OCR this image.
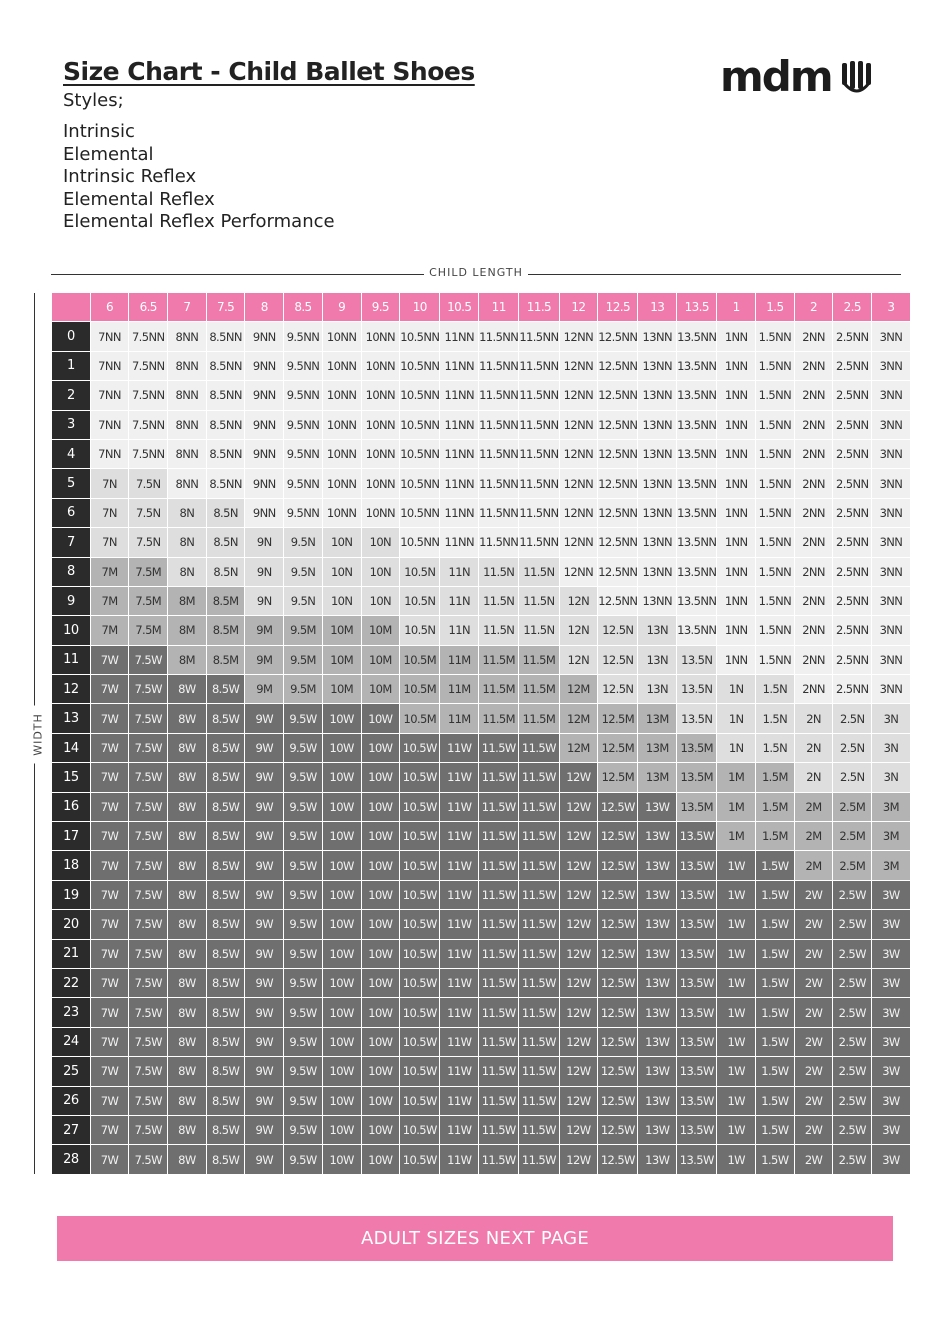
Size Chart - Child Ballet Shoes
Styles;
Intrinsic
Elemental
Intrinsic Reflex
Elemental Reflex
Elemental Reflex Performance
mdm
CHILD LENGTH
WIDTH
	6	6.5	7	7.5	8	8.5	9	9.5	10	10.5	11	11.5	12	12.5	13	13.5	1	1.5	2	2.5	3
0	7NN	7.5NN	8NN	8.5NN	9NN	9.5NN	10NN	10NN	10.5NN	11NN	11.5NN	11.5NN	12NN	12.5NN	13NN	13.5NN	1NN	1.5NN	2NN	2.5NN	3NN
1	7NN	7.5NN	8NN	8.5NN	9NN	9.5NN	10NN	10NN	10.5NN	11NN	11.5NN	11.5NN	12NN	12.5NN	13NN	13.5NN	1NN	1.5NN	2NN	2.5NN	3NN
2	7NN	7.5NN	8NN	8.5NN	9NN	9.5NN	10NN	10NN	10.5NN	11NN	11.5NN	11.5NN	12NN	12.5NN	13NN	13.5NN	1NN	1.5NN	2NN	2.5NN	3NN
3	7NN	7.5NN	8NN	8.5NN	9NN	9.5NN	10NN	10NN	10.5NN	11NN	11.5NN	11.5NN	12NN	12.5NN	13NN	13.5NN	1NN	1.5NN	2NN	2.5NN	3NN
4	7NN	7.5NN	8NN	8.5NN	9NN	9.5NN	10NN	10NN	10.5NN	11NN	11.5NN	11.5NN	12NN	12.5NN	13NN	13.5NN	1NN	1.5NN	2NN	2.5NN	3NN
5	7N	7.5N	8NN	8.5NN	9NN	9.5NN	10NN	10NN	10.5NN	11NN	11.5NN	11.5NN	12NN	12.5NN	13NN	13.5NN	1NN	1.5NN	2NN	2.5NN	3NN
6	7N	7.5N	8N	8.5N	9NN	9.5NN	10NN	10NN	10.5NN	11NN	11.5NN	11.5NN	12NN	12.5NN	13NN	13.5NN	1NN	1.5NN	2NN	2.5NN	3NN
7	7N	7.5N	8N	8.5N	9N	9.5N	10N	10N	10.5NN	11NN	11.5NN	11.5NN	12NN	12.5NN	13NN	13.5NN	1NN	1.5NN	2NN	2.5NN	3NN
8	7M	7.5M	8N	8.5N	9N	9.5N	10N	10N	10.5N	11N	11.5N	11.5N	12NN	12.5NN	13NN	13.5NN	1NN	1.5NN	2NN	2.5NN	3NN
9	7M	7.5M	8M	8.5M	9N	9.5N	10N	10N	10.5N	11N	11.5N	11.5N	12N	12.5NN	13NN	13.5NN	1NN	1.5NN	2NN	2.5NN	3NN
10	7M	7.5M	8M	8.5M	9M	9.5M	10M	10M	10.5N	11N	11.5N	11.5N	12N	12.5N	13N	13.5NN	1NN	1.5NN	2NN	2.5NN	3NN
11	7W	7.5W	8M	8.5M	9M	9.5M	10M	10M	10.5M	11M	11.5M	11.5M	12N	12.5N	13N	13.5N	1NN	1.5NN	2NN	2.5NN	3NN
12	7W	7.5W	8W	8.5W	9M	9.5M	10M	10M	10.5M	11M	11.5M	11.5M	12M	12.5N	13N	13.5N	1N	1.5N	2NN	2.5NN	3NN
13	7W	7.5W	8W	8.5W	9W	9.5W	10W	10W	10.5M	11M	11.5M	11.5M	12M	12.5M	13M	13.5N	1N	1.5N	2N	2.5N	3N
14	7W	7.5W	8W	8.5W	9W	9.5W	10W	10W	10.5W	11W	11.5W	11.5W	12M	12.5M	13M	13.5M	1N	1.5N	2N	2.5N	3N
15	7W	7.5W	8W	8.5W	9W	9.5W	10W	10W	10.5W	11W	11.5W	11.5W	12W	12.5M	13M	13.5M	1M	1.5M	2N	2.5N	3N
16	7W	7.5W	8W	8.5W	9W	9.5W	10W	10W	10.5W	11W	11.5W	11.5W	12W	12.5W	13W	13.5M	1M	1.5M	2M	2.5M	3M
17	7W	7.5W	8W	8.5W	9W	9.5W	10W	10W	10.5W	11W	11.5W	11.5W	12W	12.5W	13W	13.5W	1M	1.5M	2M	2.5M	3M
18	7W	7.5W	8W	8.5W	9W	9.5W	10W	10W	10.5W	11W	11.5W	11.5W	12W	12.5W	13W	13.5W	1W	1.5W	2M	2.5M	3M
19	7W	7.5W	8W	8.5W	9W	9.5W	10W	10W	10.5W	11W	11.5W	11.5W	12W	12.5W	13W	13.5W	1W	1.5W	2W	2.5W	3W
20	7W	7.5W	8W	8.5W	9W	9.5W	10W	10W	10.5W	11W	11.5W	11.5W	12W	12.5W	13W	13.5W	1W	1.5W	2W	2.5W	3W
21	7W	7.5W	8W	8.5W	9W	9.5W	10W	10W	10.5W	11W	11.5W	11.5W	12W	12.5W	13W	13.5W	1W	1.5W	2W	2.5W	3W
22	7W	7.5W	8W	8.5W	9W	9.5W	10W	10W	10.5W	11W	11.5W	11.5W	12W	12.5W	13W	13.5W	1W	1.5W	2W	2.5W	3W
23	7W	7.5W	8W	8.5W	9W	9.5W	10W	10W	10.5W	11W	11.5W	11.5W	12W	12.5W	13W	13.5W	1W	1.5W	2W	2.5W	3W
24	7W	7.5W	8W	8.5W	9W	9.5W	10W	10W	10.5W	11W	11.5W	11.5W	12W	12.5W	13W	13.5W	1W	1.5W	2W	2.5W	3W
25	7W	7.5W	8W	8.5W	9W	9.5W	10W	10W	10.5W	11W	11.5W	11.5W	12W	12.5W	13W	13.5W	1W	1.5W	2W	2.5W	3W
26	7W	7.5W	8W	8.5W	9W	9.5W	10W	10W	10.5W	11W	11.5W	11.5W	12W	12.5W	13W	13.5W	1W	1.5W	2W	2.5W	3W
27	7W	7.5W	8W	8.5W	9W	9.5W	10W	10W	10.5W	11W	11.5W	11.5W	12W	12.5W	13W	13.5W	1W	1.5W	2W	2.5W	3W
28	7W	7.5W	8W	8.5W	9W	9.5W	10W	10W	10.5W	11W	11.5W	11.5W	12W	12.5W	13W	13.5W	1W	1.5W	2W	2.5W	3W
ADULT SIZES NEXT PAGE
